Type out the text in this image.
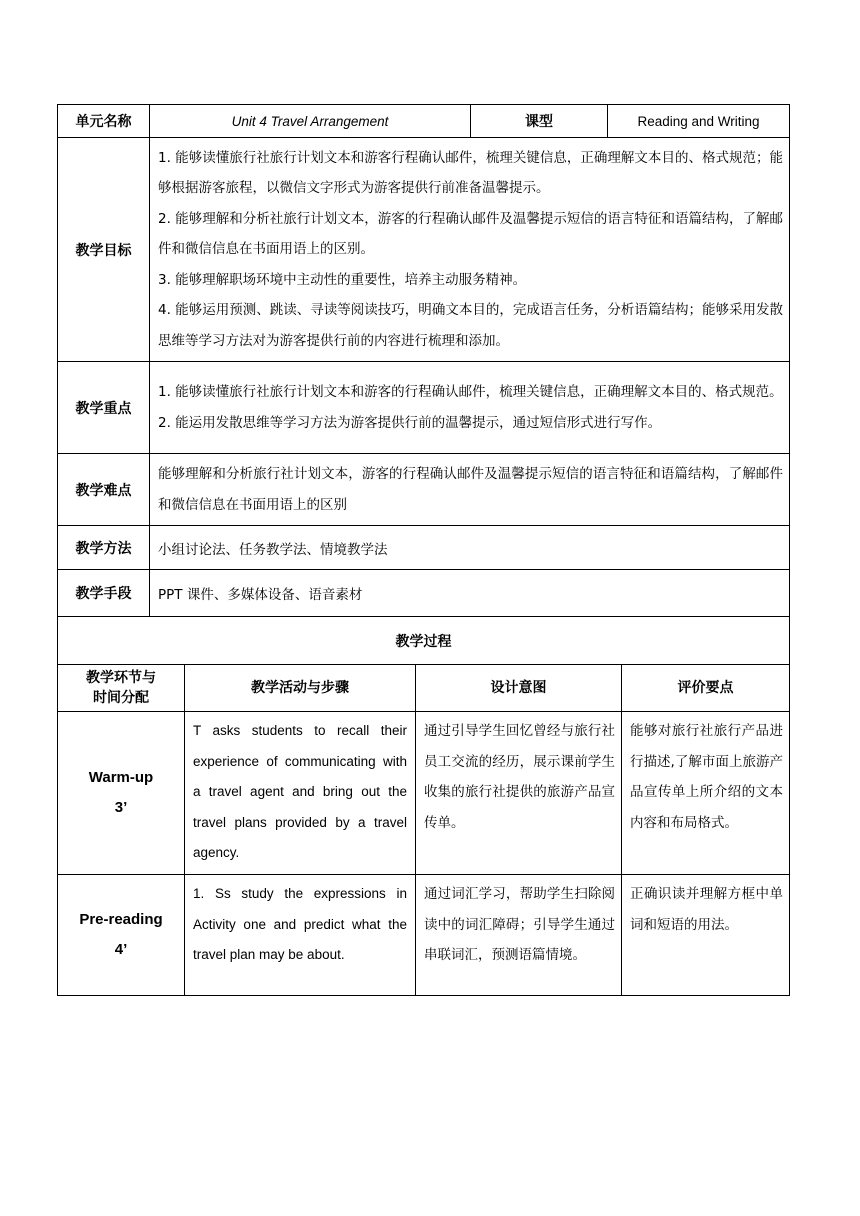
单元名称	Unit 4 Travel Arrangement	课型	Reading and Writing
教学目标	1. 能够读懂旅行社旅行计划文本和游客行程确认邮件，梳理关键信息，正确理解文本目的、格式规范；能够根据游客旅程，以微信文字形式为游客提供行前准备温馨提示。

2. 能够理解和分析社旅行计划文本，游客的行程确认邮件及温馨提示短信的语言特征和语篇结构，了解邮件和微信信息在书面用语上的区别。

3. 能够理解职场环境中主动性的重要性，培养主动服务精神。

4. 能够运用预测、跳读、寻读等阅读技巧，明确文本目的，完成语言任务，分析语篇结构；能够采用发散思维等学习方法对为游客提供行前的内容进行梳理和添加。		

教学重点	1. 能够读懂旅行社旅行计划文本和游客的行程确认邮件，梳理关键信息，正确理解文本目的、格式规范。

2. 能运用发散思维等学习方法为游客提供行前的温馨提示，通过短信形式进行写作。		

教学难点	能够理解和分析旅行社计划文本，游客的行程确认邮件及温馨提示短信的语言特征和语篇结构，了解邮件和微信信息在书面用语上的区别		
教学方法	小组讨论法、任务教学法、情境教学法		
教学手段	PPT 课件、多媒体设备、语音素材		
教学过程			

教学环节与
时间分配	教学活动与步骤	设计意图	评价要点

Warm-up
3’	T asks students to recall their experience of communicating with a travel agent and bring out the travel plans provided by a travel agency.	通过引导学生回忆曾经与旅行社员工交流的经历，展示课前学生收集的旅行社提供的旅游产品宣传单。	能够对旅行社旅行产品进行描述,了解市面上旅游产品宣传单上所介绍的文本内容和布局格式。

Pre-reading
4’	1. Ss study the expressions in Activity one and predict what the travel plan may be about.	通过词汇学习，帮助学生扫除阅读中的词汇障碍；引导学生通过串联词汇，预测语篇情境。	正确识读并理解方框中单词和短语的用法。
